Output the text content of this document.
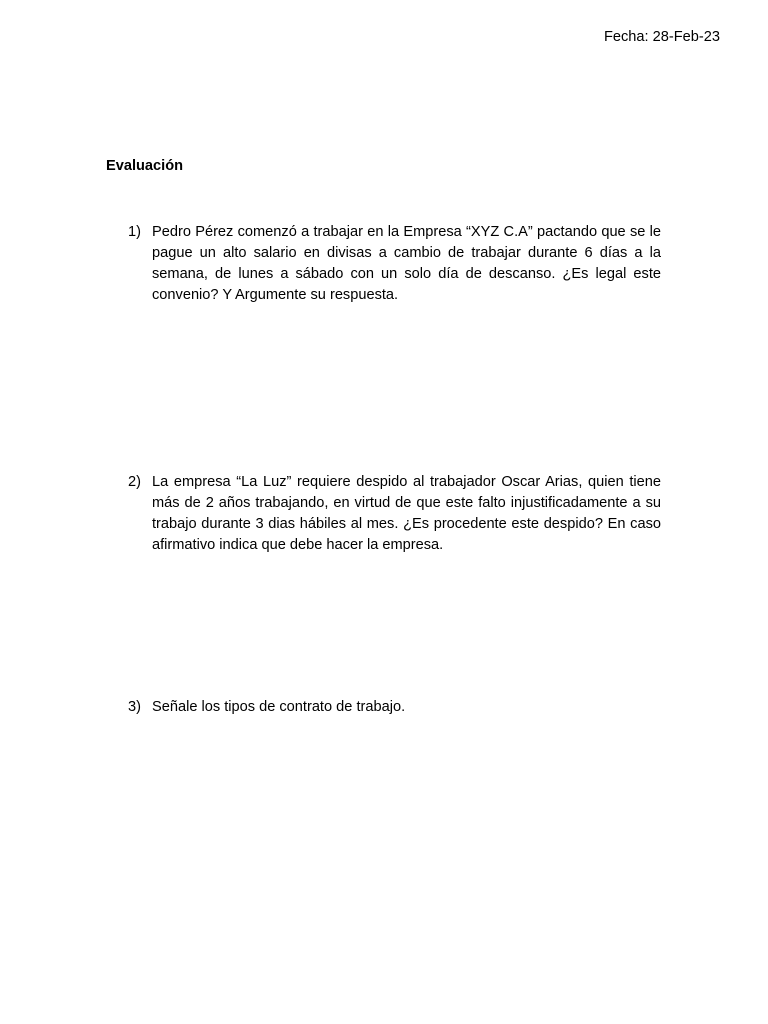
Fecha: 28-Feb-23
Evaluación
1) Pedro Pérez comenzó a trabajar en la Empresa “XYZ C.A” pactando que se le pague un alto salario en divisas a cambio de trabajar durante 6 días a la semana, de lunes a sábado con un solo día de descanso. ¿Es legal este convenio? Y Argumente su respuesta.

2) La empresa “La Luz” requiere despido al trabajador Oscar Arias, quien tiene más de 2 años trabajando, en virtud de que este falto injustificadamente a su trabajo durante 3 dias hábiles al mes. ¿Es procedente este despido? En caso afirmativo indica que debe hacer la empresa.

3) Señale los tipos de contrato de trabajo.
